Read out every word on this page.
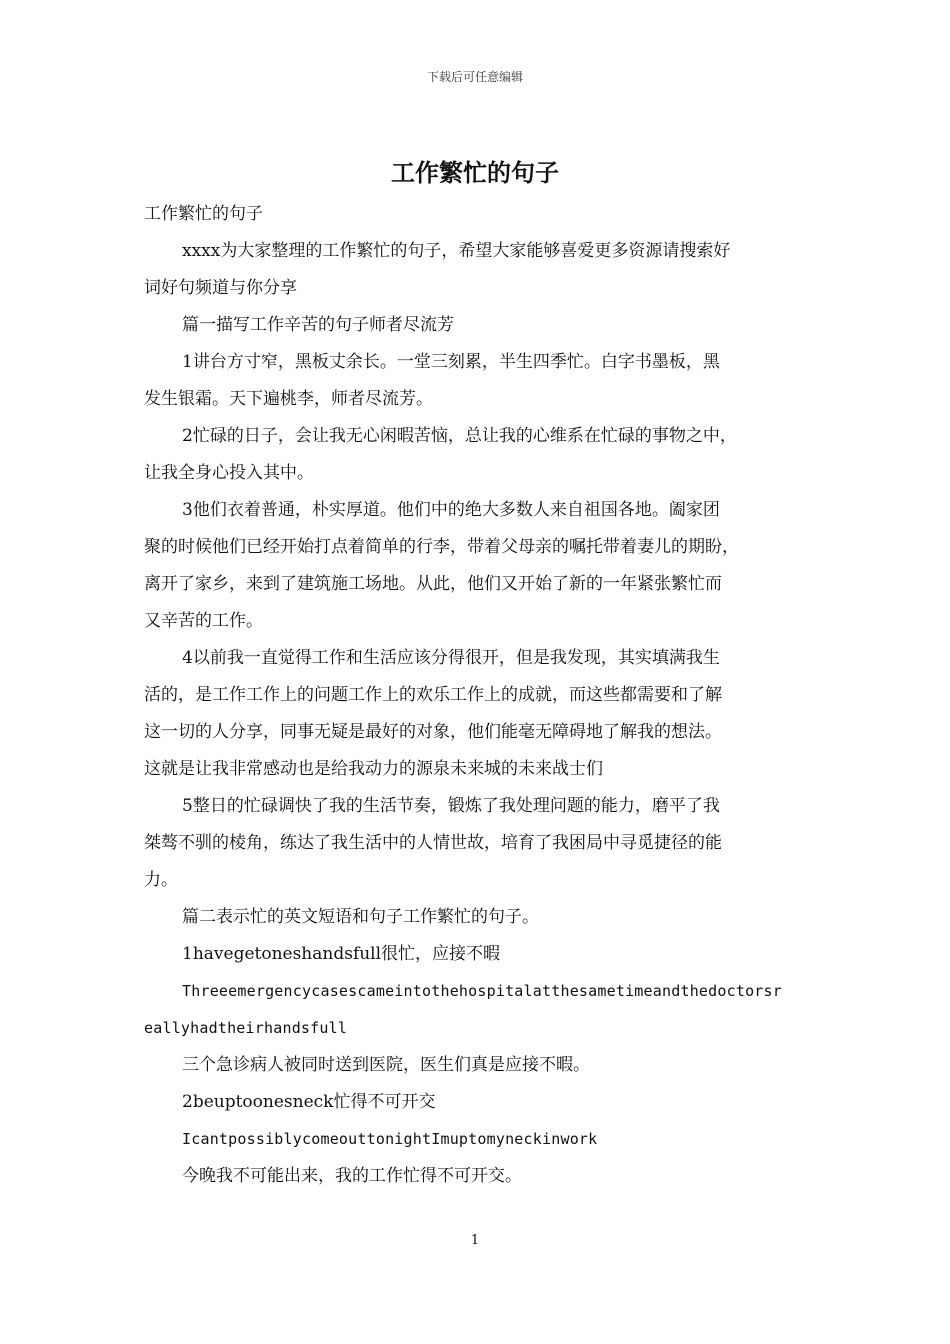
下载后可任意编辑
工作繁忙的句子
工作繁忙的句子
xxxx为大家整理的工作繁忙的句子，希望大家能够喜爱更多资源请搜索好
词好句频道与你分享
篇一描写工作辛苦的句子师者尽流芳
1讲台方寸窄，黑板丈余长。一堂三刻累，半生四季忙。白字书墨板，黑
发生银霜。天下遍桃李，师者尽流芳。
2忙碌的日子，会让我无心闲暇苦恼，总让我的心维系在忙碌的事物之中，
让我全身心投入其中。
3他们衣着普通，朴实厚道。他们中的绝大多数人来自祖国各地。阖家团
聚的时候他们已经开始打点着简单的行李，带着父母亲的嘱托带着妻儿的期盼，
离开了家乡，来到了建筑施工场地。从此，他们又开始了新的一年紧张繁忙而
又辛苦的工作。
4以前我一直觉得工作和生活应该分得很开，但是我发现，其实填满我生
活的，是工作工作上的问题工作上的欢乐工作上的成就，而这些都需要和了解
这一切的人分享，同事无疑是最好的对象，他们能毫无障碍地了解我的想法。
这就是让我非常感动也是给我动力的源泉未来城的未来战士们
5整日的忙碌调快了我的生活节奏，锻炼了我处理问题的能力，磨平了我
桀骜不驯的棱角，练达了我生活中的人情世故，培育了我困局中寻觅捷径的能
力。
篇二表示忙的英文短语和句子工作繁忙的句子。
1havegetoneshandsfull很忙，应接不暇
Threeemergencycasescameintothehospitalatthesametimeandthedoctorsr
eallyhadtheirhandsfull
三个急诊病人被同时送到医院，医生们真是应接不暇。
2beuptoonesneck忙得不可开交
IcantpossiblycomeouttonightImuptomyneckinwork
今晚我不可能出来，我的工作忙得不可开交。
1
